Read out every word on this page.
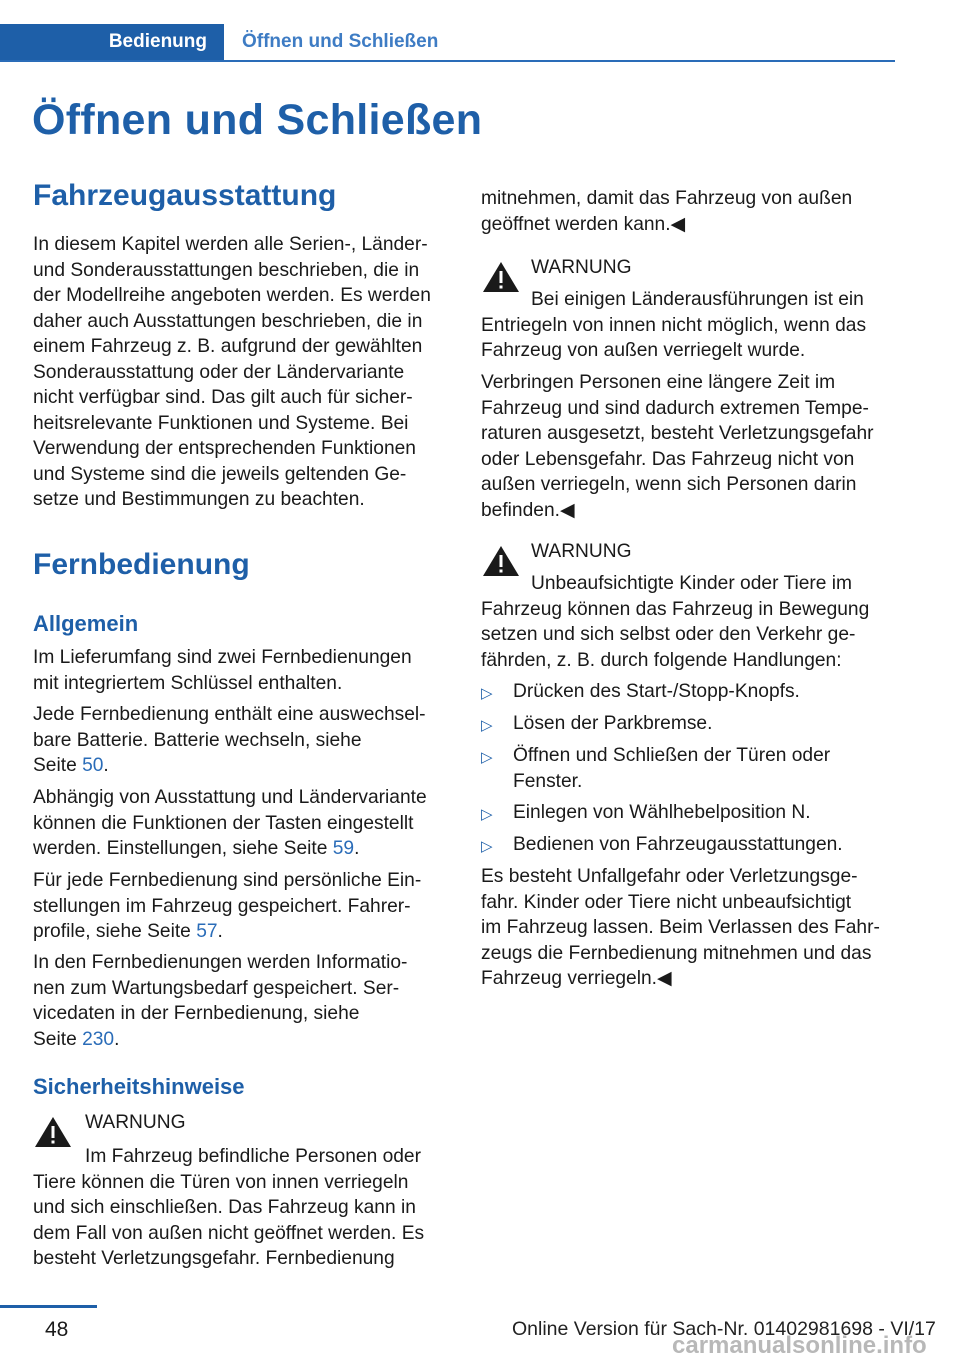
Bedienung Öffnen und Schließen
Öffnen und Schließen
Fahrzeugausstattung

In diesem Kapitel werden alle Serien-, Länder-

und Sonderausstattungen beschrieben, die in

der Modellreihe angeboten werden. Es werden

daher auch Ausstattungen beschrieben, die in

einem Fahrzeug z. B. aufgrund der gewählten

Sonderausstattung oder der Ländervariante

nicht verfügbar sind. Das gilt auch für sicher-

heitsrelevante Funktionen und Systeme. Bei

Verwendung der entsprechenden Funktionen

und Systeme sind die jeweils geltenden Ge-

setze und Bestimmungen zu beachten.

Fernbedienung
Allgemein

Im Lieferumfang sind zwei Fernbedienungen

mit integriertem Schlüssel enthalten.

Jede Fernbedienung enthält eine auswechsel-

bare Batterie. Batterie wechseln, siehe

Seite 50.

Abhängig von Ausstattung und Ländervariante

können die Funktionen der Tasten eingestellt

werden. Einstellungen, siehe Seite 59.

Für jede Fernbedienung sind persönliche Ein-

stellungen im Fahrzeug gespeichert. Fahrer-

profile, siehe Seite 57.

In den Fernbedienungen werden Informatio-

nen zum Wartungsbedarf gespeichert. Ser-

vicedaten in der Fernbedienung, siehe

Seite 230.

Sicherheitshinweise

WARNUNG

Im Fahrzeug befindliche Personen oder

Tiere können die Türen von innen verriegeln

und sich einschließen. Das Fahrzeug kann in

dem Fall von außen nicht geöffnet werden. Es

besteht Verletzungsgefahr. Fernbedienung

mitnehmen, damit das Fahrzeug von außen

geöffnet werden kann.◀

WARNUNG

Bei einigen Länderausführungen ist ein

Entriegeln von innen nicht möglich, wenn das

Fahrzeug von außen verriegelt wurde.

Verbringen Personen eine längere Zeit im

Fahrzeug und sind dadurch extremen Tempe-

raturen ausgesetzt, besteht Verletzungsgefahr

oder Lebensgefahr. Das Fahrzeug nicht von

außen verriegeln, wenn sich Personen darin

befinden.◀

WARNUNG

Unbeaufsichtigte Kinder oder Tiere im

Fahrzeug können das Fahrzeug in Bewegung

setzen und sich selbst oder den Verkehr ge-

fährden, z. B. durch folgende Handlungen:

▷	Drücken des Start-/Stopp-Knopfs.
▷	Lösen der Parkbremse.
▷	Öffnen und Schließen der Türen oder
Fenster.
▷	Einlegen von Wählhebelposition N.
▷	Bedienen von Fahrzeugausstattungen.

Es besteht Unfallgefahr oder Verletzungsge-

fahr. Kinder oder Tiere nicht unbeaufsichtigt

im Fahrzeug lassen. Beim Verlassen des Fahr-

zeugs die Fernbedienung mitnehmen und das

Fahrzeug verriegeln.◀

48	Online Version für Sach-Nr. 01402981698 - VI/17
carmanualsonline.info
